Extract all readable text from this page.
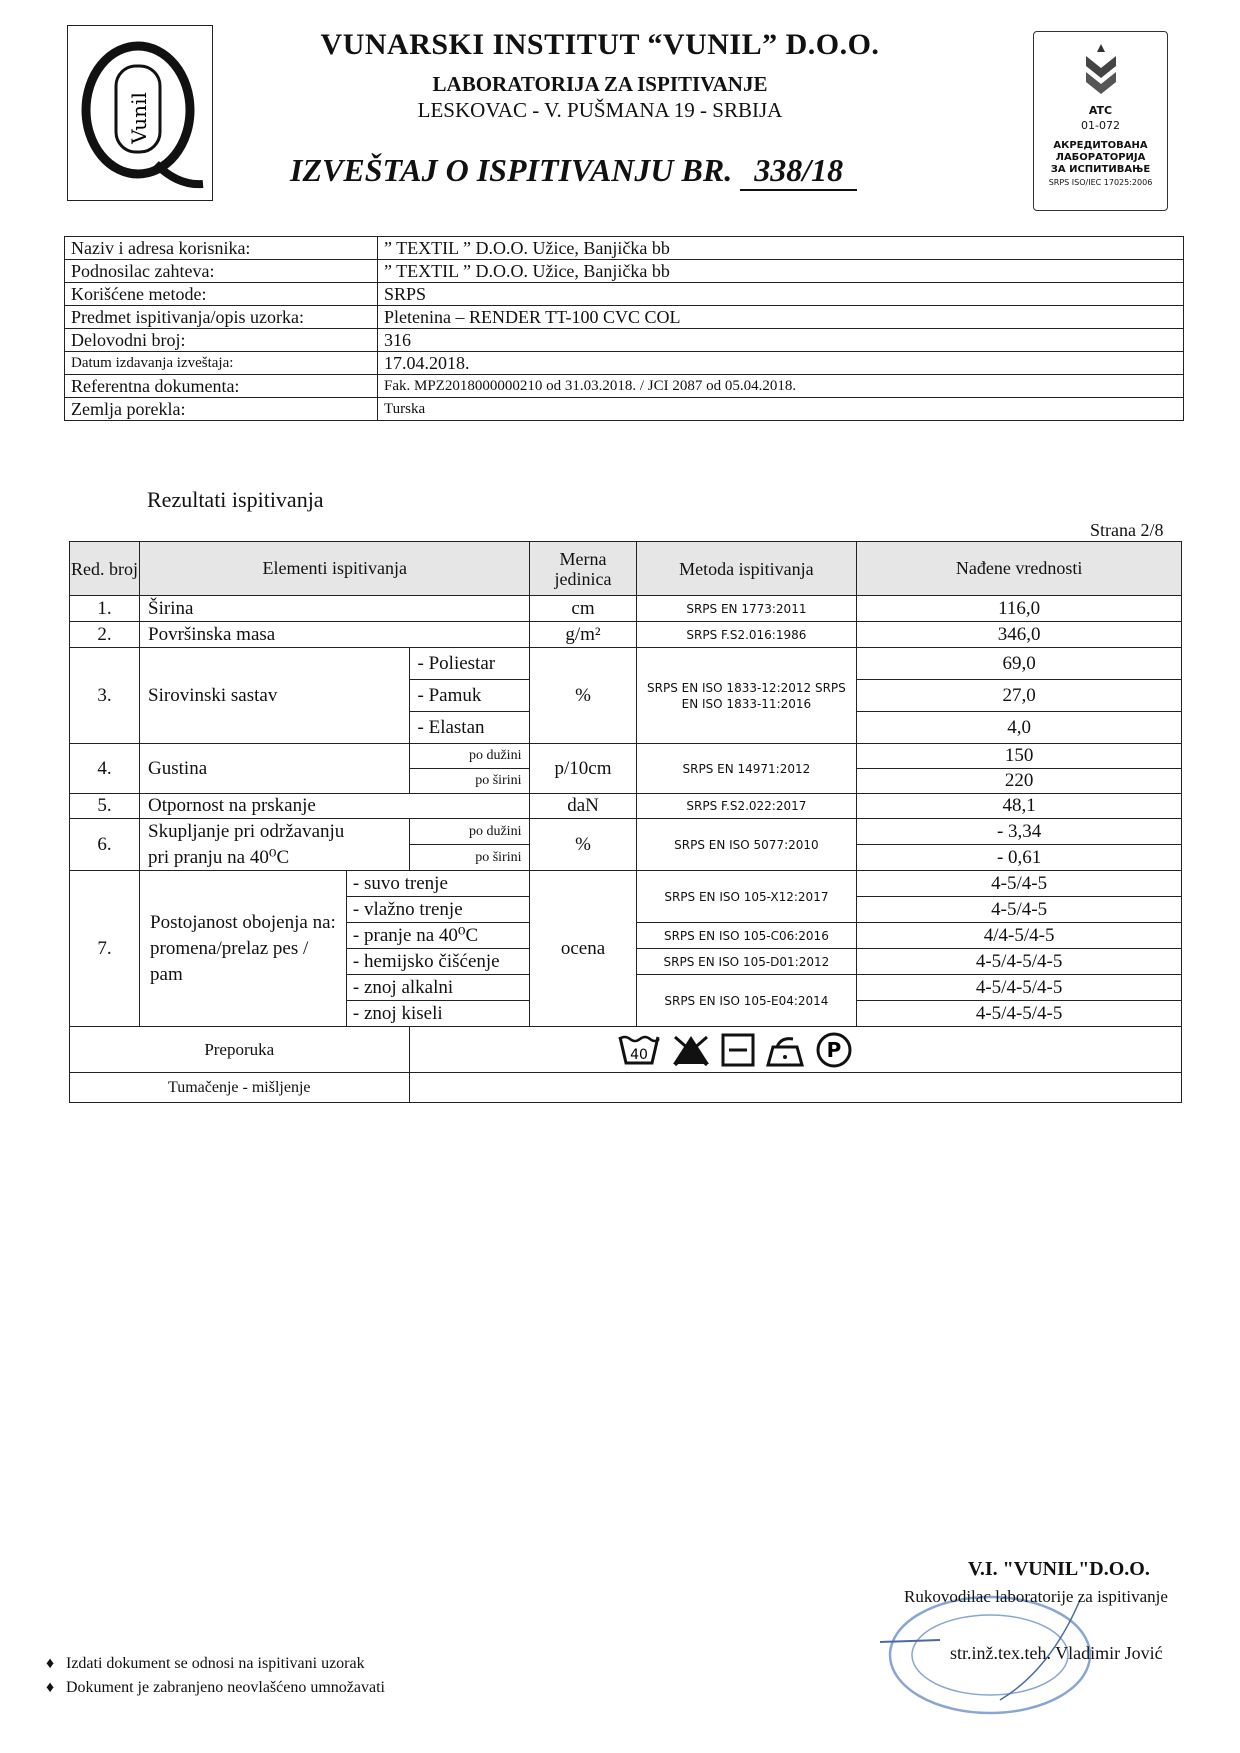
Vunil
VUNARSKI INSTITUT “VUNIL” D.O.O.
LABORATORIJA ZA ISPITIVANJE
LESKOVAC - V. PUŠMANA 19 - SRBIJA
IZVEŠTAJ O ISPITIVANJU BR. 338/18
ATC
01-072
АКРЕДИТОВАНА
ЛАБОРАТОРИЈА
ЗА ИСПИТИВАЊЕ
SRPS ISO/IEC 17025:2006
Naziv i adresa korisnika:	” TEXTIL ” D.O.O. Užice, Banjička bb
Podnosilac zahteva:	” TEXTIL ” D.O.O. Užice, Banjička bb
Korišćene metode:	SRPS
Predmet ispitivanja/opis uzorka:	Pletenina – RENDER TT-100 CVC COL
Delovodni broj:	316
Datum izdavanja izveštaja:	17.04.2018.
Referentna dokumenta:	Fak. MPZ2018000000210 od 31.03.2018. / JCI 2087 od 05.04.2018.
Zemlja porekla:	Turska
Rezultati ispitivanja
Strana 2/8
Red. broj	Elementi ispitivanja			Merna jedinica	Metoda ispitivanja	Nađene vrednosti
1.	Širina			cm	SRPS EN 1773:2011	116,0
2.	Površinska masa			g/m²	SRPS F.S2.016:1986	346,0
3.	Sirovinski sastav		- Poliestar	%	SRPS EN ISO 1833-12:2012 SRPS EN ISO 1833-11:2016	69,0
			- Pamuk			27,0
			- Elastan			4,0
4.	Gustina		po dužini	p/10cm	SRPS EN 14971:2012	150
			po širini			220
5.	Otpornost na prskanje			daN	SRPS F.S2.022:2017	48,1
6.	Skupljanje pri održavanju		po dužini	%	SRPS EN ISO 5077:2010	- 3,34
	pri pranju na 40⁰C		po širini			- 0,61
7.	Postojanost obojenja na: promena/prelaz pes / pam	- suvo trenje		ocena	SRPS EN ISO 105-X12:2017	4-5/4-5
		- vlažno trenje				4-5/4-5
		- pranje na 40⁰C			SRPS EN ISO 105-C06:2016	4/4-5/4-5
		- hemijsko čišćenje			SRPS EN ISO 105-D01:2012	4-5/4-5/4-5
		- znoj alkalni			SRPS EN ISO 105-E04:2014	4-5/4-5/4-5
		- znoj kiseli				4-5/4-5/4-5
Preporuka			40 P			

Tumačenje - mišljenje						
V.I. "VUNIL"D.O.O.
Rukovodilac laboratorije za ispitivanje
str.inž.tex.teh. Vladimir Jović
♦ Izdati dokument se odnosi na ispitivani uzorak
♦ Dokument je zabranjeno neovlašćeno umnožavati
